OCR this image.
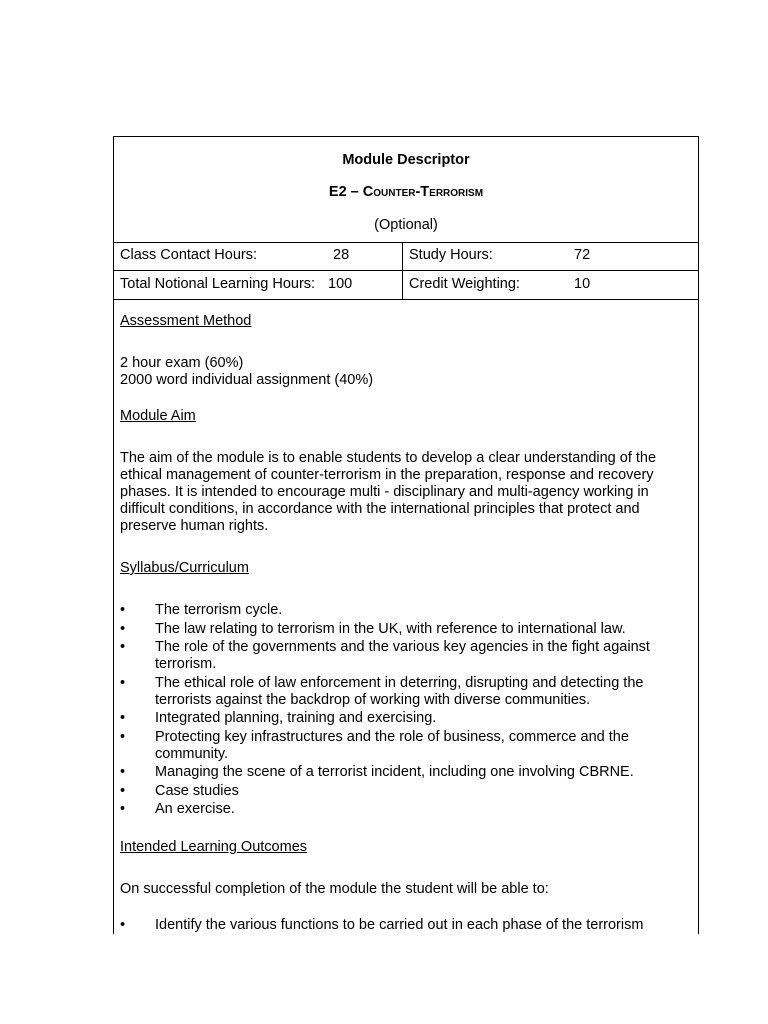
Module Descriptor
E2 – Counter-Terrorism
(Optional)
Class Contact Hours:	28	Study Hours:	72
Total Notional Learning Hours: 100	Credit Weighting:	10

Assessment Method

2 hour exam (60%)

2000 word individual assignment (40%)

Module Aim

The aim of the module is to enable students to develop a clear understanding of the

ethical management of counter-terrorism in the preparation, response and recovery

phases. It is intended to encourage multi - disciplinary and multi-agency working in

difficult conditions, in accordance with the international principles that protect and

preserve human rights.

Syllabus/Curriculum

• The terrorism cycle.
• The law relating to terrorism in the UK, with reference to international law.
• The role of the governments and the various key agencies in the fight against
terrorism.
• The ethical role of law enforcement in deterring, disrupting and detecting the
terrorists against the backdrop of working with diverse communities.
• Integrated planning, training and exercising.
• Protecting key infrastructures and the role of business, commerce and the
community.
• Managing the scene of a terrorist incident, including one involving CBRNE.
• Case studies
• An exercise.

Intended Learning Outcomes

On successful completion of the module the student will be able to:

• Identify the various functions to be carried out in each phase of the terrorism
